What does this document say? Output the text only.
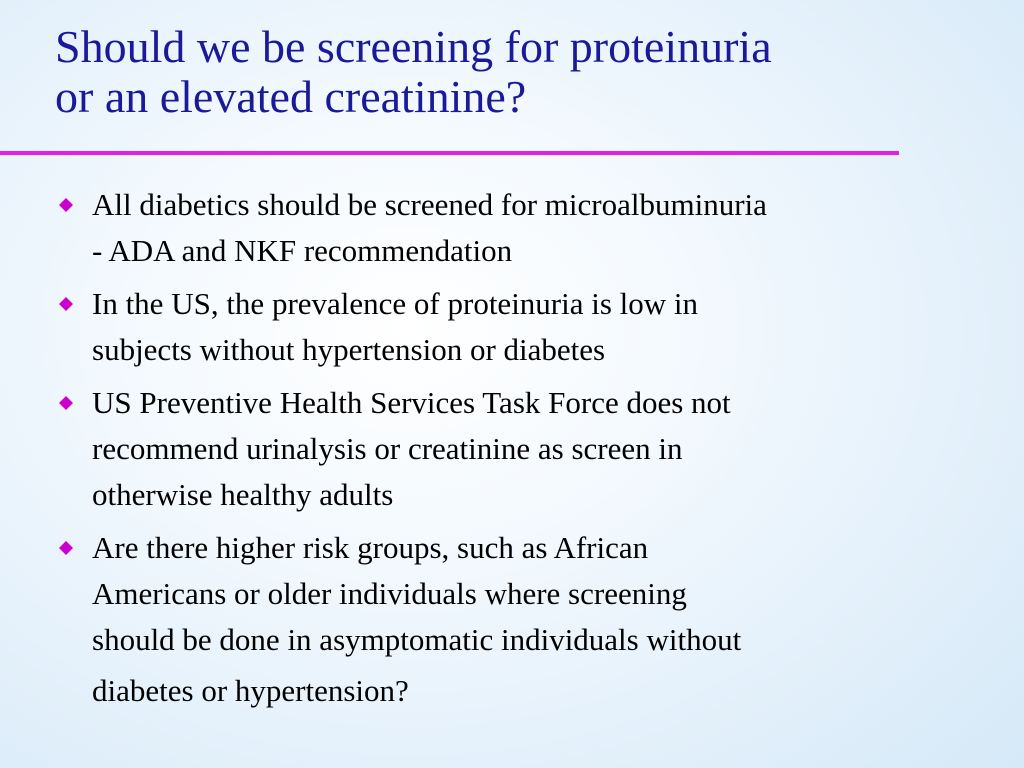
Should we be screening for proteinuria
or an elevated creatinine?
All diabetics should be screened for microalbuminuria
- ADA and NKF recommendation
In the US, the prevalence of proteinuria is low in
subjects without hypertension or diabetes
US Preventive Health Services Task Force does not
recommend urinalysis or creatinine as screen in
otherwise healthy adults
Are there higher risk groups, such as African
Americans or older individuals where screening
should be done in asymptomatic individuals without
diabetes or hypertension?
